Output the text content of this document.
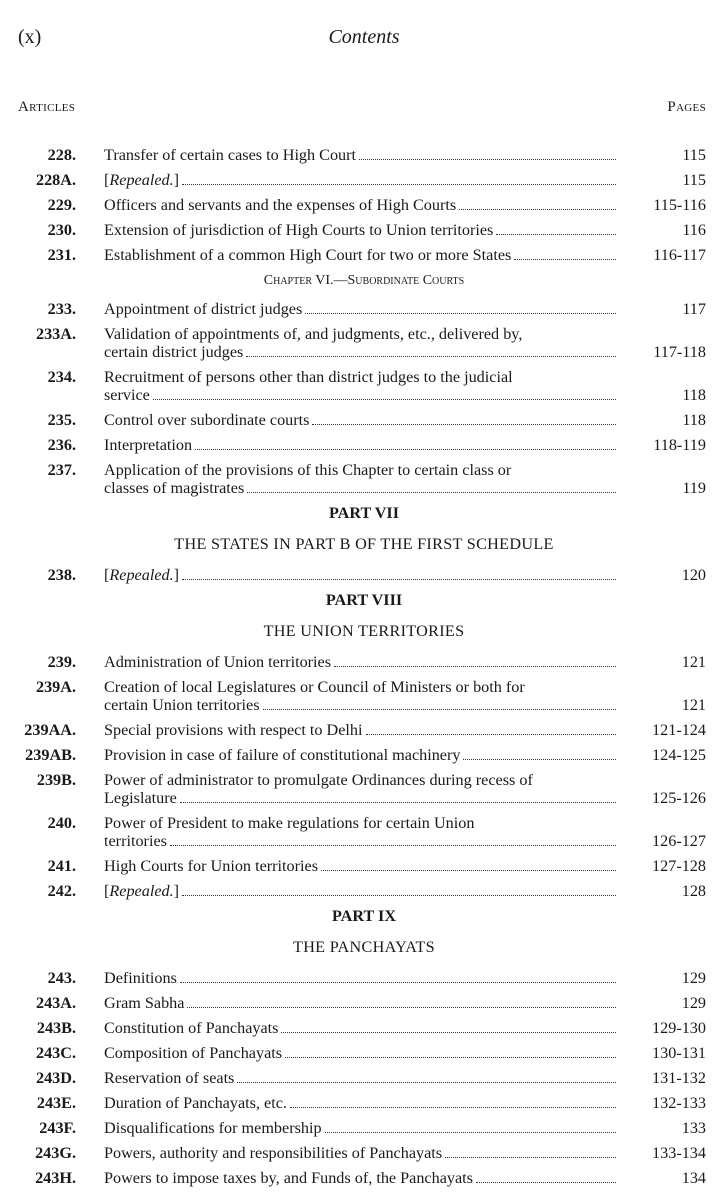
(x)	Contents
Articles	Pages
228. Transfer of certain cases to High Court	115
228A. [Repealed.]	115
229. Officers and servants and the expenses of High Courts	115-116
230. Extension of jurisdiction of High Courts to Union territories	116
231. Establishment of a common High Court for two or more States	116-117
Chapter VI.—Subordinate Courts
233. Appointment of district judges	117
233A. Validation of appointments of, and judgments, etc., delivered by,
certain district judges	117-118
234. Recruitment of persons other than district judges to the judicial
service	118
235. Control over subordinate courts	118
236. Interpretation	118-119
237. Application of the provisions of this Chapter to certain class or
classes of magistrates	119
PART VII
THE STATES IN PART B OF THE FIRST SCHEDULE
238. [Repealed.]	120
PART VIII
THE UNION TERRITORIES
239. Administration of Union territories	121
239A. Creation of local Legislatures or Council of Ministers or both for
certain Union territories	121
239AA. Special provisions with respect to Delhi	121-124
239AB. Provision in case of failure of constitutional machinery	124-125
239B. Power of administrator to promulgate Ordinances during recess of
Legislature	125-126
240. Power of President to make regulations for certain Union
territories	126-127
241. High Courts for Union territories	127-128
242. [Repealed.]	128
PART IX
THE PANCHAYATS
243. Definitions	129
243A. Gram Sabha	129
243B. Constitution of Panchayats	129-130
243C. Composition of Panchayats	130-131
243D. Reservation of seats	131-132
243E. Duration of Panchayats, etc.	132-133
243F. Disqualifications for membership	133
243G. Powers, authority and responsibilities of Panchayats	133-134
243H. Powers to impose taxes by, and Funds of, the Panchayats	134
